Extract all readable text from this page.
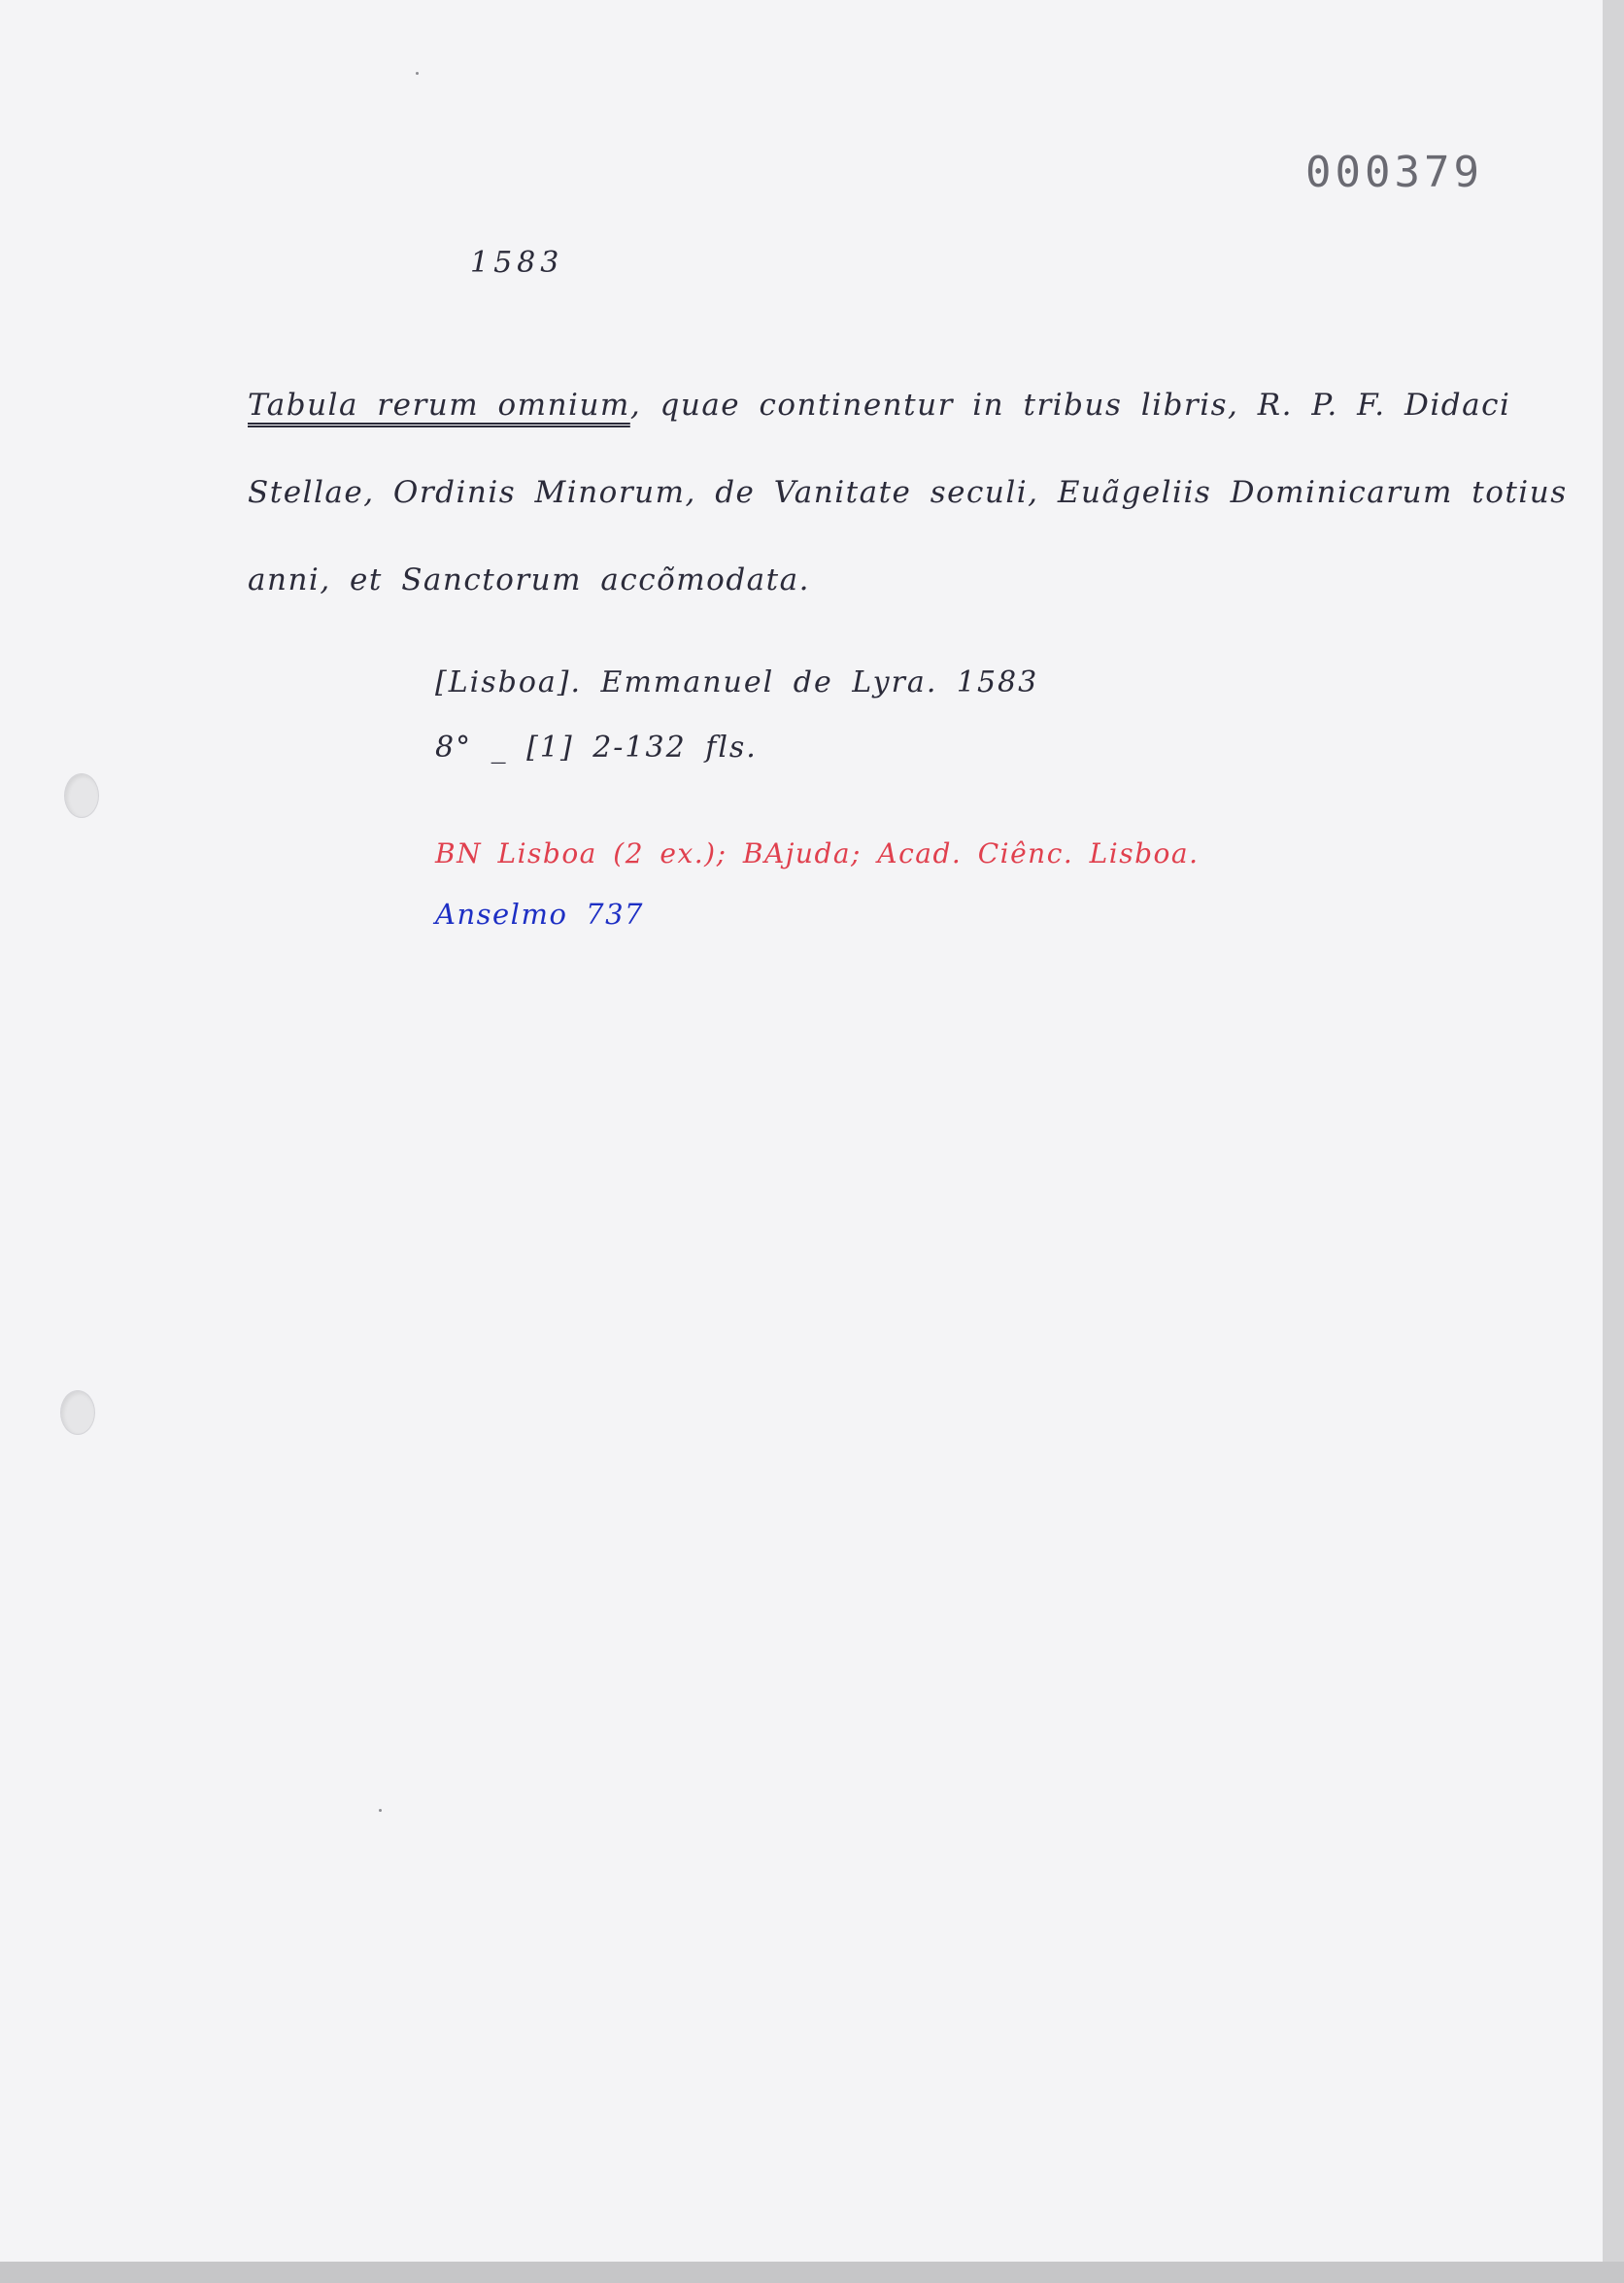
000379

1583

Tabula rerum omnium, quae continentur in tribus libris, R. P. F. Didaci
Stellae, Ordinis Minorum, de Vanitate seculi, Euãgeliis Dominicarum totius
anni, et Sanctorum accõmodata.

[Lisboa]. Emmanuel de Lyra. 1583

8° _ [1] 2-132 fls.

BN Lisboa (2 ex.); BAjuda; Acad. Ciênc. Lisboa.

Anselmo 737
